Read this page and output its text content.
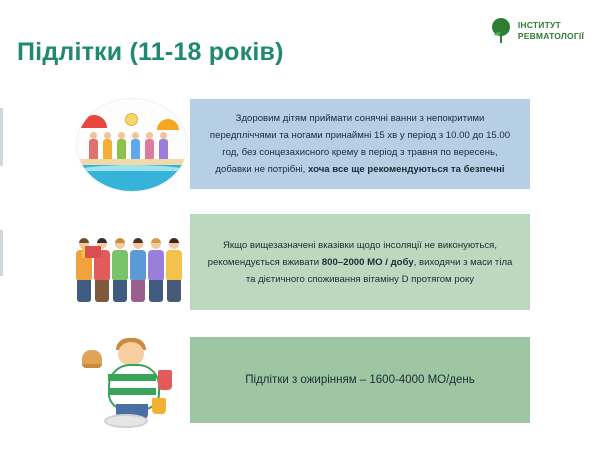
ІНСТИТУТ
РЕВМАТОЛОГІЇ
Підлітки (11-18 років)
Здоровим дітям приймати сонячні ванни з непокритими передпліччями та ногами принаймні 15 хв у період з 10.00 до 15.00 год, без сонцезахисного крему в період з травня по вересень, добавки не потрібні, хоча все ще рекомендуються та безпечні
Якщо вищезазначені вказівки щодо інсоляції не виконуються, рекомендується вживати 800–2000 МО / добу, виходячи з маси тіла та дієтичного споживання вітаміну D протягом року
Підлітки з ожирінням – 1600-4000 МО/день
